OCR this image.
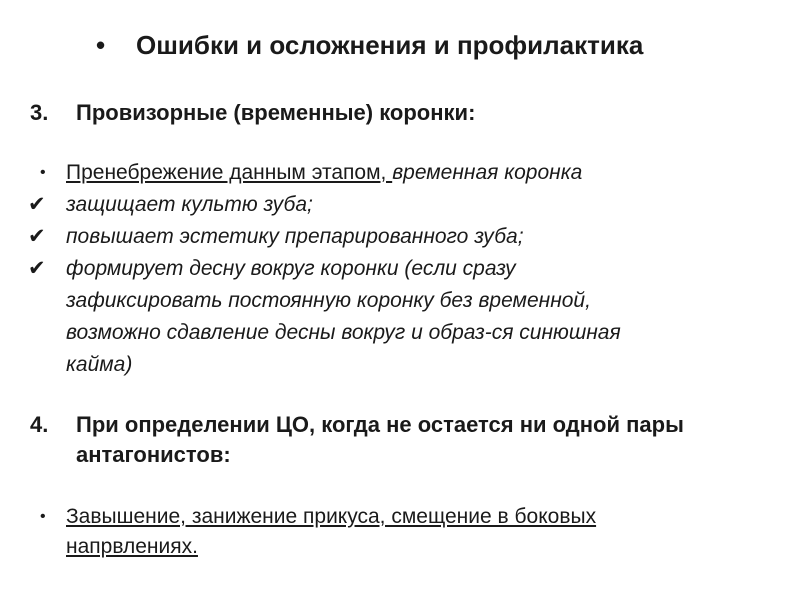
• Ошибки и осложнения и профилактика
3. Провизорные (временные) коронки:
• Пренебрежение данным этапом, временная коронка
✔ защищает культю зуба;
✔ повышает эстетику препарированного зуба;
✔ формирует десну вокруг коронки (если сразу
зафиксировать постоянную коронку без временной,
возможно сдавление десны вокруг и образ-ся синюшная
кайма)
4. При определении ЦО, когда не остается ни одной пары
антагонистов:
• Завышение, занижение прикуса, смещение в боковых
напрвлениях.
